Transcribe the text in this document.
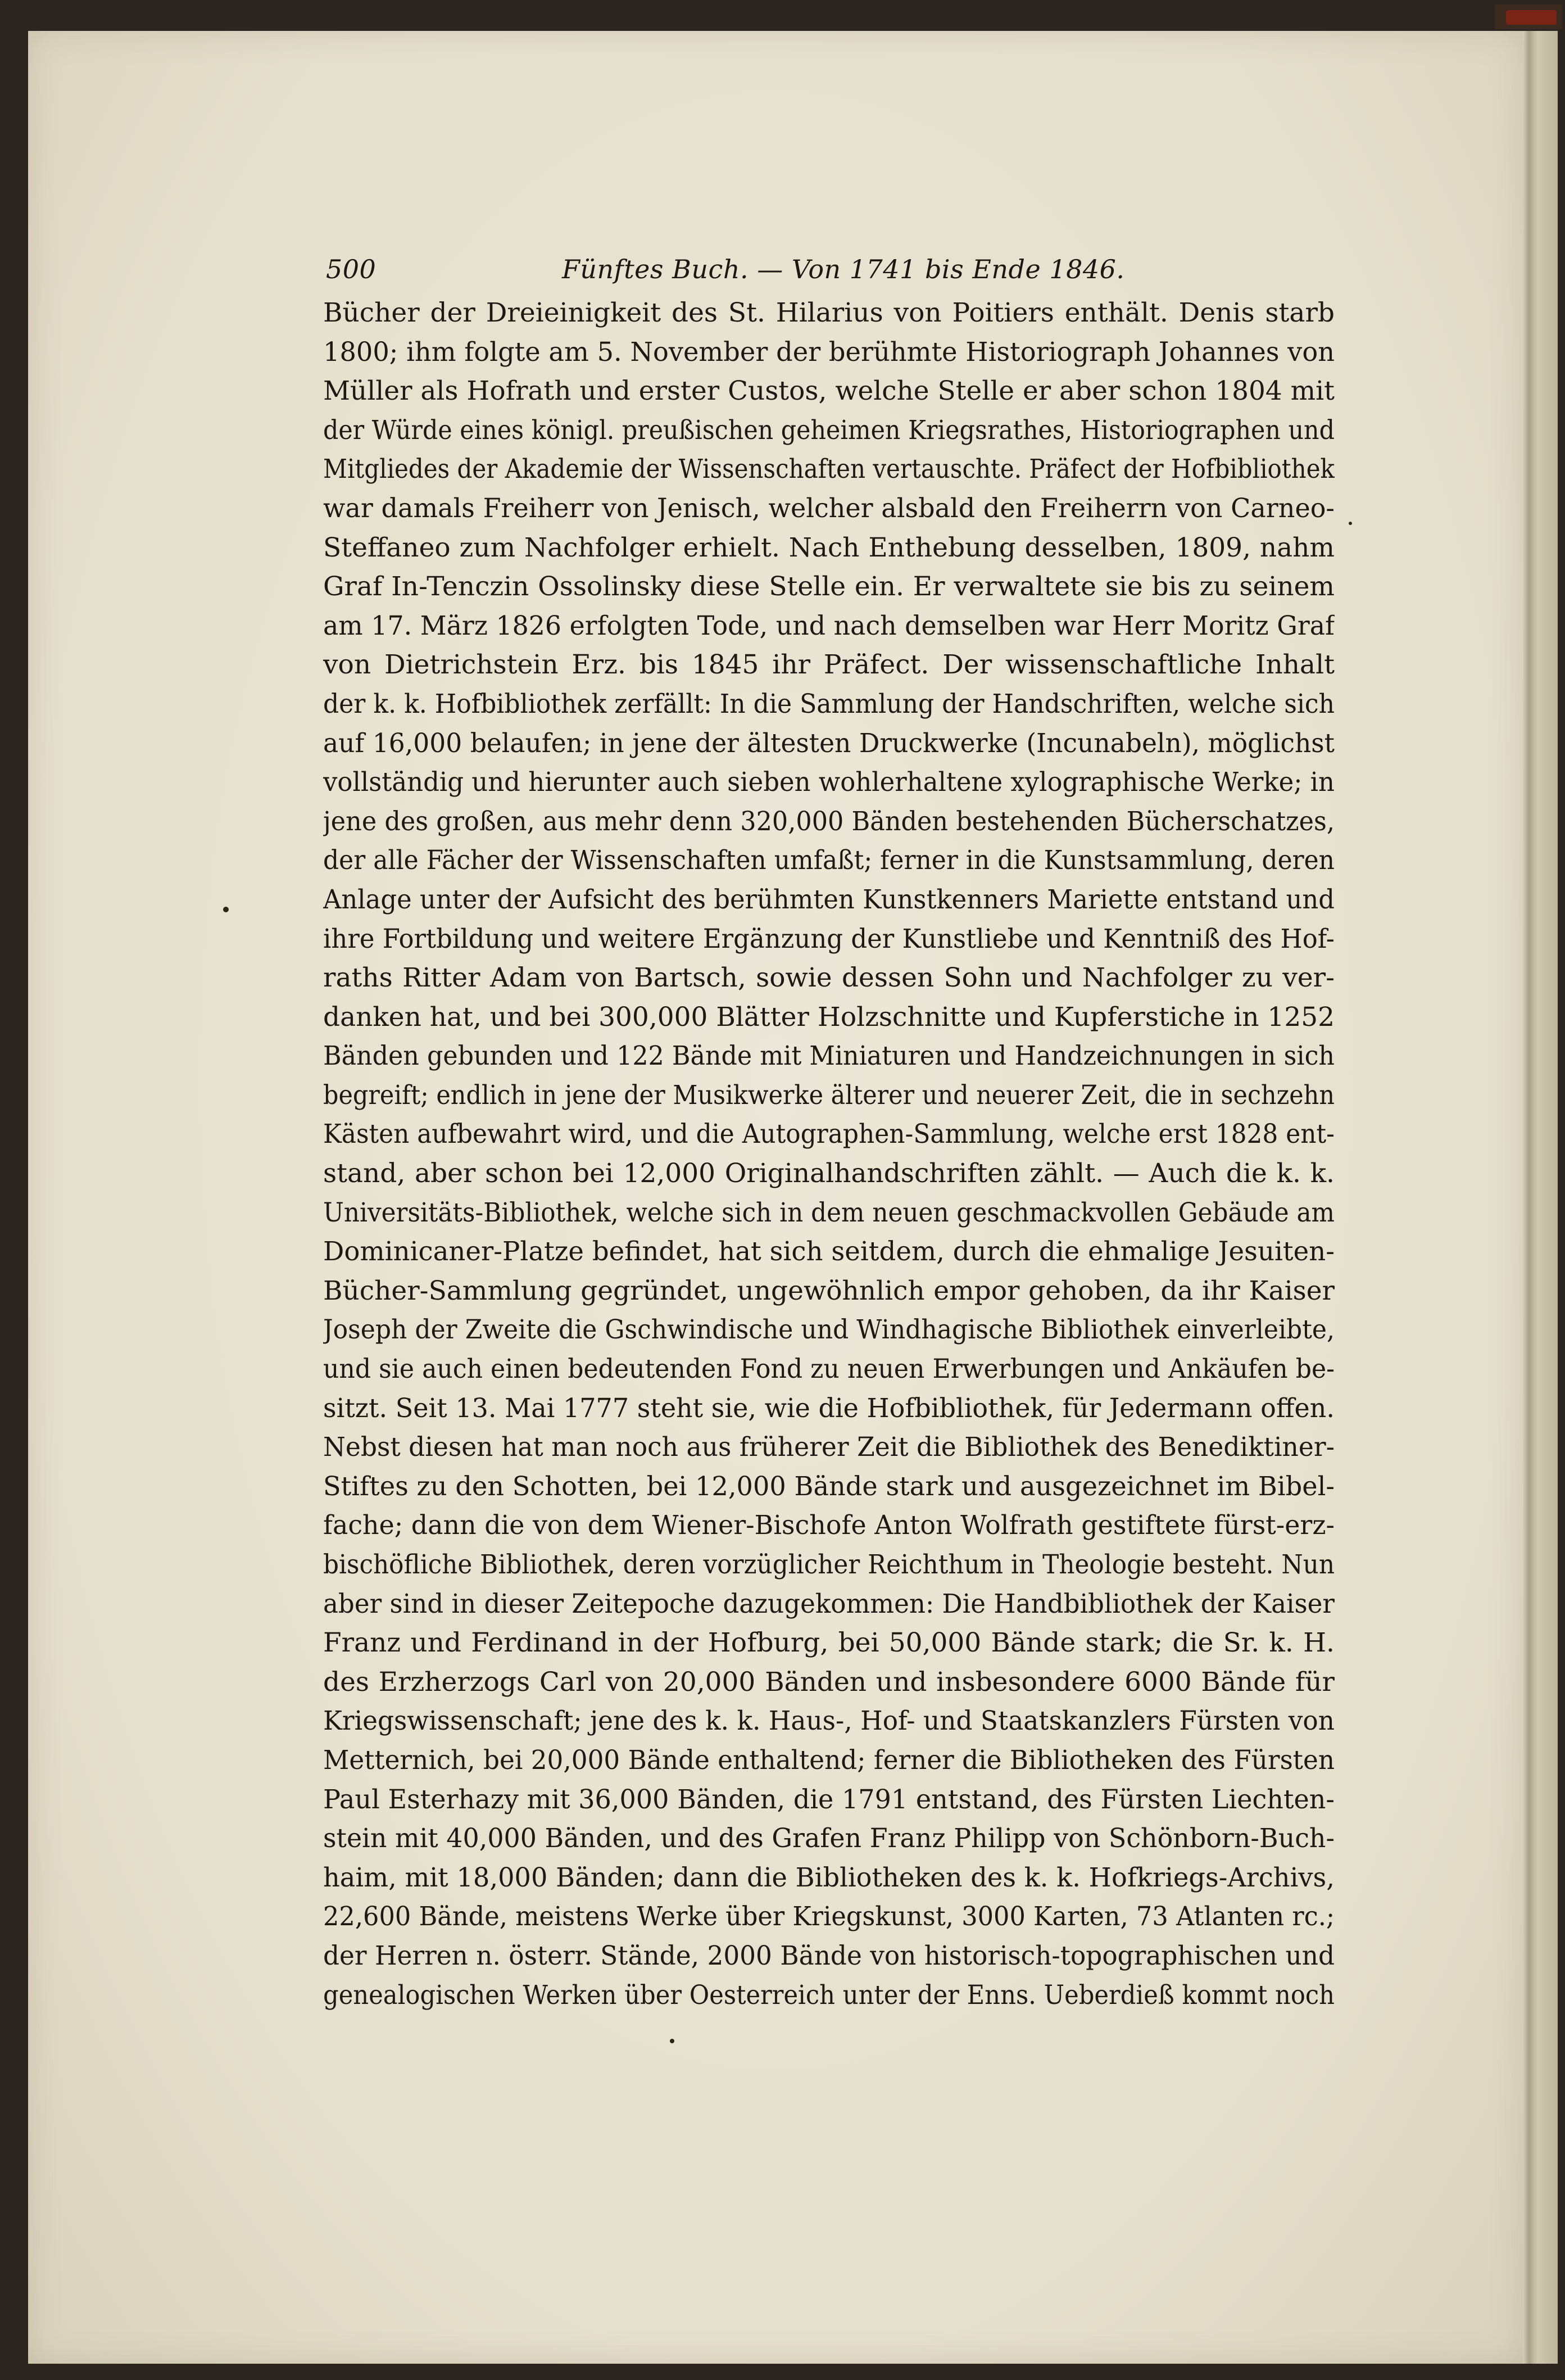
500	Fünftes Buch. — Von 1741 bis Ende 1846.
Bücher der Dreieinigkeit des St. Hilarius von Poitiers enthält. Denis starb
1800; ihm folgte am 5. November der berühmte Historiograph Johannes von
Müller als Hofrath und erster Custos, welche Stelle er aber schon 1804 mit
der Würde eines königl. preußischen geheimen Kriegsrathes, Historiographen und
Mitgliedes der Akademie der Wissenschaften vertauschte. Präfect der Hofbibliothek
war damals Freiherr von Jenisch, welcher alsbald den Freiherrn von Carneo-
Steffaneo zum Nachfolger erhielt. Nach Enthebung desselben, 1809, nahm
Graf In-Tenczin Ossolinsky diese Stelle ein. Er verwaltete sie bis zu seinem
am 17. März 1826 erfolgten Tode, und nach demselben war Herr Moritz Graf
von Dietrichstein Erz. bis 1845 ihr Präfect. Der wissenschaftliche Inhalt
der k. k. Hofbibliothek zerfällt: In die Sammlung der Handschriften, welche sich
auf 16,000 belaufen; in jene der ältesten Druckwerke (Incunabeln), möglichst
vollständig und hierunter auch sieben wohlerhaltene xylographische Werke; in
jene des großen, aus mehr denn 320,000 Bänden bestehenden Bücherschatzes,
der alle Fächer der Wissenschaften umfaßt; ferner in die Kunstsammlung, deren
Anlage unter der Aufsicht des berühmten Kunstkenners Mariette entstand und
ihre Fortbildung und weitere Ergänzung der Kunstliebe und Kenntniß des Hof-
raths Ritter Adam von Bartsch, sowie dessen Sohn und Nachfolger zu ver-
danken hat, und bei 300,000 Blätter Holzschnitte und Kupferstiche in 1252
Bänden gebunden und 122 Bände mit Miniaturen und Handzeichnungen in sich
begreift; endlich in jene der Musikwerke älterer und neuerer Zeit, die in sechzehn
Kästen aufbewahrt wird, und die Autographen-Sammlung, welche erst 1828 ent-
stand, aber schon bei 12,000 Originalhandschriften zählt. — Auch die k. k.
Universitäts-Bibliothek, welche sich in dem neuen geschmackvollen Gebäude am
Dominicaner-Platze befindet, hat sich seitdem, durch die ehmalige Jesuiten-
Bücher-Sammlung gegründet, ungewöhnlich empor gehoben, da ihr Kaiser
Joseph der Zweite die Gschwindische und Windhagische Bibliothek einverleibte,
und sie auch einen bedeutenden Fond zu neuen Erwerbungen und Ankäufen be-
sitzt. Seit 13. Mai 1777 steht sie, wie die Hofbibliothek, für Jedermann offen.
Nebst diesen hat man noch aus früherer Zeit die Bibliothek des Benediktiner-
Stiftes zu den Schotten, bei 12,000 Bände stark und ausgezeichnet im Bibel-
fache; dann die von dem Wiener-Bischofe Anton Wolfrath gestiftete fürst-erz-
bischöfliche Bibliothek, deren vorzüglicher Reichthum in Theologie besteht. Nun
aber sind in dieser Zeitepoche dazugekommen: Die Handbibliothek der Kaiser
Franz und Ferdinand in der Hofburg, bei 50,000 Bände stark; die Sr. k. H.
des Erzherzogs Carl von 20,000 Bänden und insbesondere 6000 Bände für
Kriegswissenschaft; jene des k. k. Haus-, Hof- und Staatskanzlers Fürsten von
Metternich, bei 20,000 Bände enthaltend; ferner die Bibliotheken des Fürsten
Paul Esterhazy mit 36,000 Bänden, die 1791 entstand, des Fürsten Liechten-
stein mit 40,000 Bänden, und des Grafen Franz Philipp von Schönborn-Buch-
haim, mit 18,000 Bänden; dann die Bibliotheken des k. k. Hofkriegs-Archivs,
22,600 Bände, meistens Werke über Kriegskunst, 3000 Karten, 73 Atlanten rc.;
der Herren n. österr. Stände, 2000 Bände von historisch-topographischen und
genealogischen Werken über Oesterreich unter der Enns. Ueberdieß kommt noch
